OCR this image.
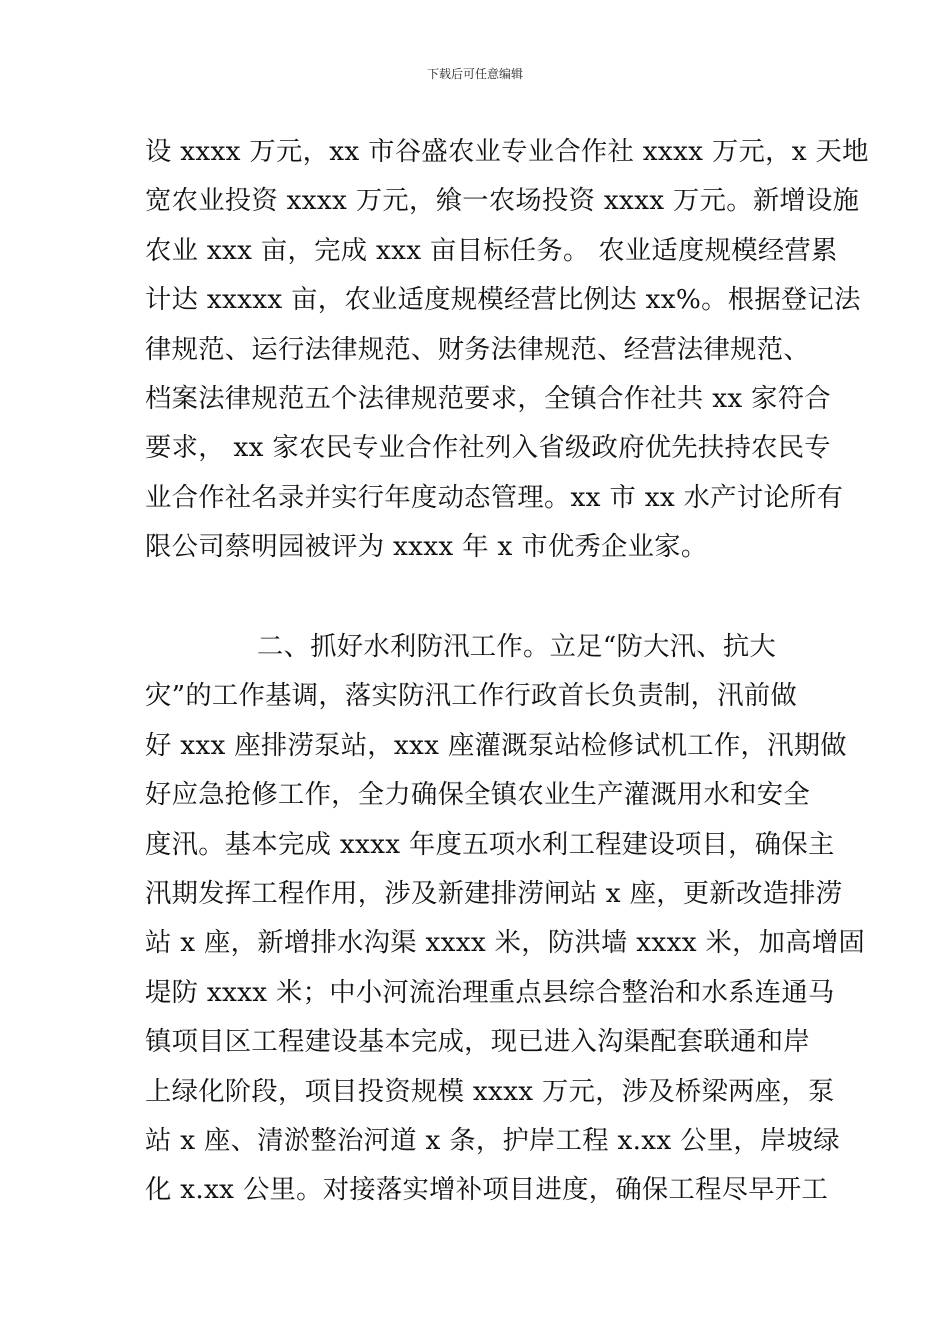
下载后可任意编辑
设 xxxx 万元，xx 市谷盛农业专业合作社 xxxx 万元，x 天地
宽农业投资 xxxx 万元，飨一农场投资 xxxx 万元。新增设施
农业 xxx 亩，完成 xxx 亩目标任务。 农业适度规模经营累
计达 xxxxx 亩，农业适度规模经营比例达 xx%。根据登记法
律规范、运行法律规范、财务法律规范、经营法律规范、
档案法律规范五个法律规范要求，全镇合作社共 xx 家符合
要求， xx 家农民专业合作社列入省级政府优先扶持农民专
业合作社名录并实行年度动态管理。xx 市 xx 水产讨论所有
限公司蔡明园被评为 xxxx 年 x 市优秀企业家。
二、抓好水利防汛工作。立足“防大汛、抗大
灾”的工作基调，落实防汛工作行政首长负责制，汛前做
好 xxx 座排涝泵站，xxx 座灌溉泵站检修试机工作，汛期做
好应急抢修工作，全力确保全镇农业生产灌溉用水和安全
度汛。基本完成 xxxx 年度五项水利工程建设项目，确保主
汛期发挥工程作用，涉及新建排涝闸站 x 座，更新改造排涝
站 x 座，新增排水沟渠 xxxx 米，防洪墙 xxxx 米，加高增固
堤防 xxxx 米；中小河流治理重点县综合整治和水系连通马
镇项目区工程建设基本完成，现已进入沟渠配套联通和岸
上绿化阶段，项目投资规模 xxxx 万元，涉及桥梁两座，泵
站 x 座、清淤整治河道 x 条，护岸工程 x.xx 公里，岸坡绿
化 x.xx 公里。对接落实增补项目进度，确保工程尽早开工
